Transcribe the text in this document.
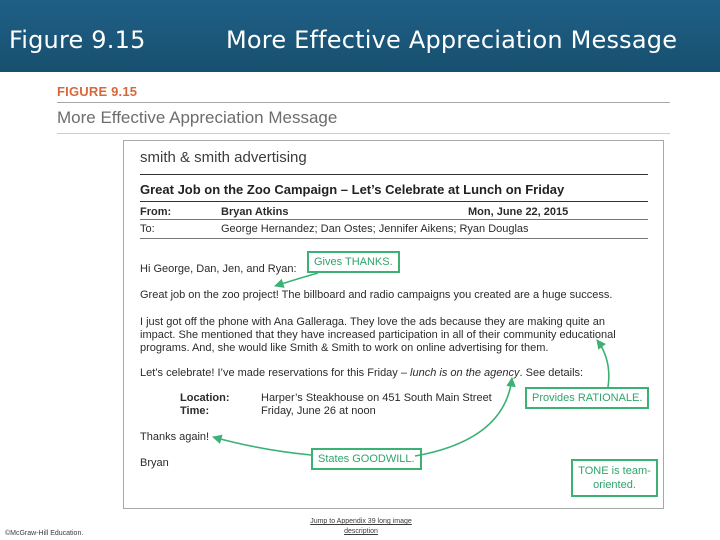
Figure 9.15	More Effective Appreciation Message
FIGURE 9.15
More Effective Appreciation Message
smith & smith advertising
Great Job on the Zoo Campaign – Let’s Celebrate at Lunch on Friday
From:	Bryan Atkins	Mon, June 22, 2015
To:	George Hernandez; Dan Ostes; Jennifer Aikens; Ryan Douglas
Hi George, Dan, Jen, and Ryan:
Great job on the zoo project! The billboard and radio campaigns you created are a huge success.
I just got off the phone with Ana Galleraga. They love the ads because they are making quite an
impact. She mentioned that they have increased participation in all of their community educational
programs. And, she would like Smith & Smith to work on online advertising for them.
Let’s celebrate! I’ve made reservations for this Friday – lunch is on the agency. See details:
Location:	Harper’s Steakhouse on 451 South Main Street
Time:	Friday, June 26 at noon
Thanks again!
Bryan
Gives THANKS.
Provides RATIONALE.
States GOODWILL.
TONE is team-
oriented.
©McGraw-Hill Education.
Jump to Appendix 39 long image
description
